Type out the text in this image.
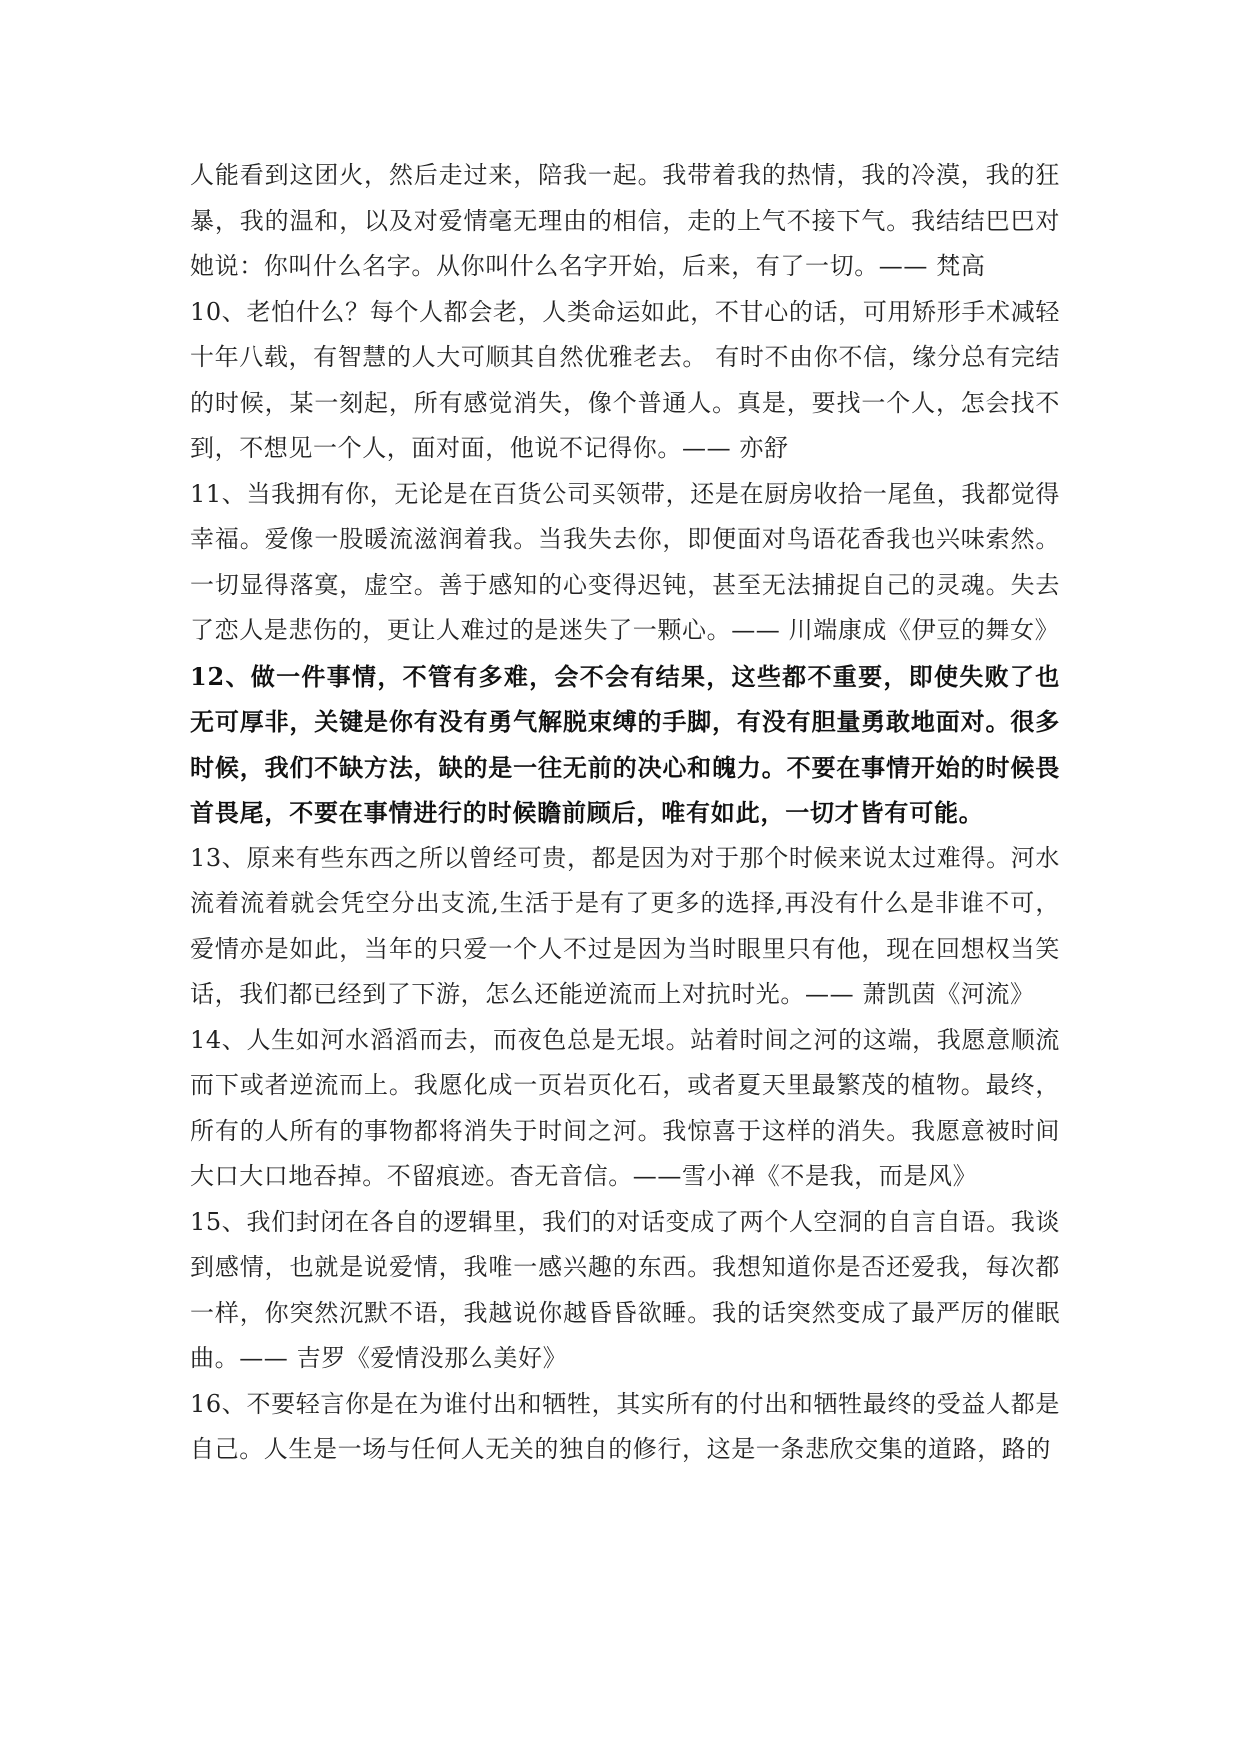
人能看到这团火，然后走过来，陪我一起。我带着我的热情，我的冷漠，我的狂暴，我的温和，以及对爱情毫无理由的相信，走的上气不接下气。我结结巴巴对她说：你叫什么名字。从你叫什么名字开始，后来，有了一切。—— 梵高

10、老怕什么？每个人都会老，人类命运如此，不甘心的话，可用矫形手术减轻十年八载，有智慧的人大可顺其自然优雅老去。 有时不由你不信，缘分总有完结的时候，某一刻起，所有感觉消失，像个普通人。真是，要找一个人，怎会找不到，不想见一个人，面对面，他说不记得你。—— 亦舒

11、当我拥有你，无论是在百货公司买领带，还是在厨房收拾一尾鱼，我都觉得幸福。爱像一股暖流滋润着我。当我失去你，即便面对鸟语花香我也兴味索然。一切显得落寞，虚空。善于感知的心变得迟钝，甚至无法捕捉自己的灵魂。失去了恋人是悲伤的，更让人难过的是迷失了一颗心。—— 川端康成《伊豆的舞女》

12、做一件事情，不管有多难，会不会有结果，这些都不重要，即使失败了也无可厚非，关键是你有没有勇气解脱束缚的手脚，有没有胆量勇敢地面对。很多时候，我们不缺方法，缺的是一往无前的决心和魄力。不要在事情开始的时候畏首畏尾，不要在事情进行的时候瞻前顾后，唯有如此，一切才皆有可能。

13、原来有些东西之所以曾经可贵，都是因为对于那个时候来说太过难得。河水流着流着就会凭空分出支流,生活于是有了更多的选择,再没有什么是非谁不可，爱情亦是如此，当年的只爱一个人不过是因为当时眼里只有他，现在回想权当笑话，我们都已经到了下游，怎么还能逆流而上对抗时光。—— 萧凯茵《河流》

14、人生如河水滔滔而去，而夜色总是无垠。站着时间之河的这端，我愿意顺流而下或者逆流而上。我愿化成一页岩页化石，或者夏天里最繁茂的植物。最终，所有的人所有的事物都将消失于时间之河。我惊喜于这样的消失。我愿意被时间大口大口地吞掉。不留痕迹。杳无音信。——雪小禅《不是我，而是风》

15、我们封闭在各自的逻辑里，我们的对话变成了两个人空洞的自言自语。我谈到感情，也就是说爱情，我唯一感兴趣的东西。我想知道你是否还爱我，每次都一样，你突然沉默不语，我越说你越昏昏欲睡。我的话突然变成了最严厉的催眠曲。—— 吉罗《爱情没那么美好》

16、不要轻言你是在为谁付出和牺牲，其实所有的付出和牺牲最终的受益人都是自己。人生是一场与任何人无关的独自的修行，这是一条悲欣交集的道路，路的
